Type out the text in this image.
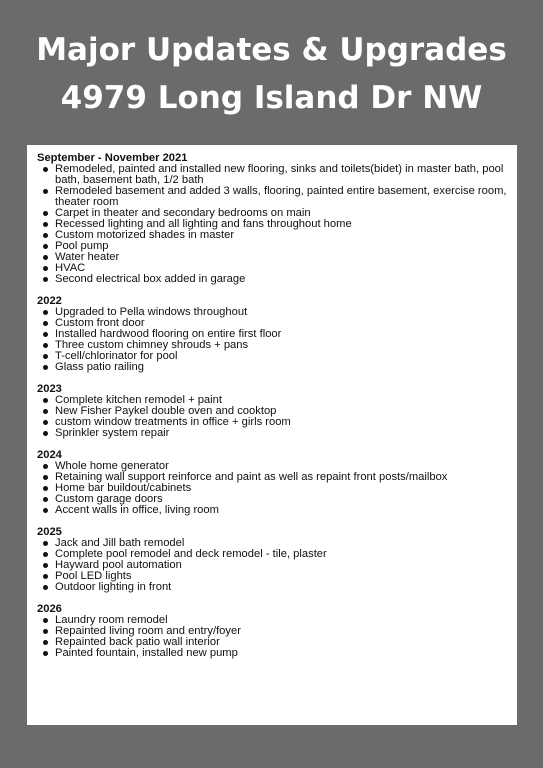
Major Updates & Upgrades
4979 Long Island Dr NW
September - November 2021
Remodeled, painted and installed new flooring, sinks and toilets(bidet) in master bath, pool bath, basement bath, 1/2 bath
Remodeled basement and added 3 walls, flooring, painted entire basement, exercise room, theater room
Carpet in theater and secondary bedrooms on main
Recessed lighting and all lighting and fans throughout home
Custom motorized shades in master
Pool pump
Water heater
HVAC
Second electrical box added in garage
2022
Upgraded to Pella windows throughout
Custom front door
Installed hardwood flooring on entire first floor
Three custom chimney shrouds + pans
T-cell/chlorinator for pool
Glass patio railing
2023
Complete kitchen remodel + paint
New Fisher Paykel double oven and cooktop
custom window treatments in office + girls room
Sprinkler system repair
2024
Whole home generator
Retaining wall support reinforce and paint as well as repaint front posts/mailbox
Home bar buildout/cabinets
Custom garage doors
Accent walls in office, living room
2025
Jack and Jill bath remodel
Complete pool remodel and deck remodel - tile, plaster
Hayward pool automation
Pool LED lights
Outdoor lighting in front
2026
Laundry room remodel
Repainted living room and entry/foyer
Repainted back patio wall interior
Painted fountain, installed new pump
